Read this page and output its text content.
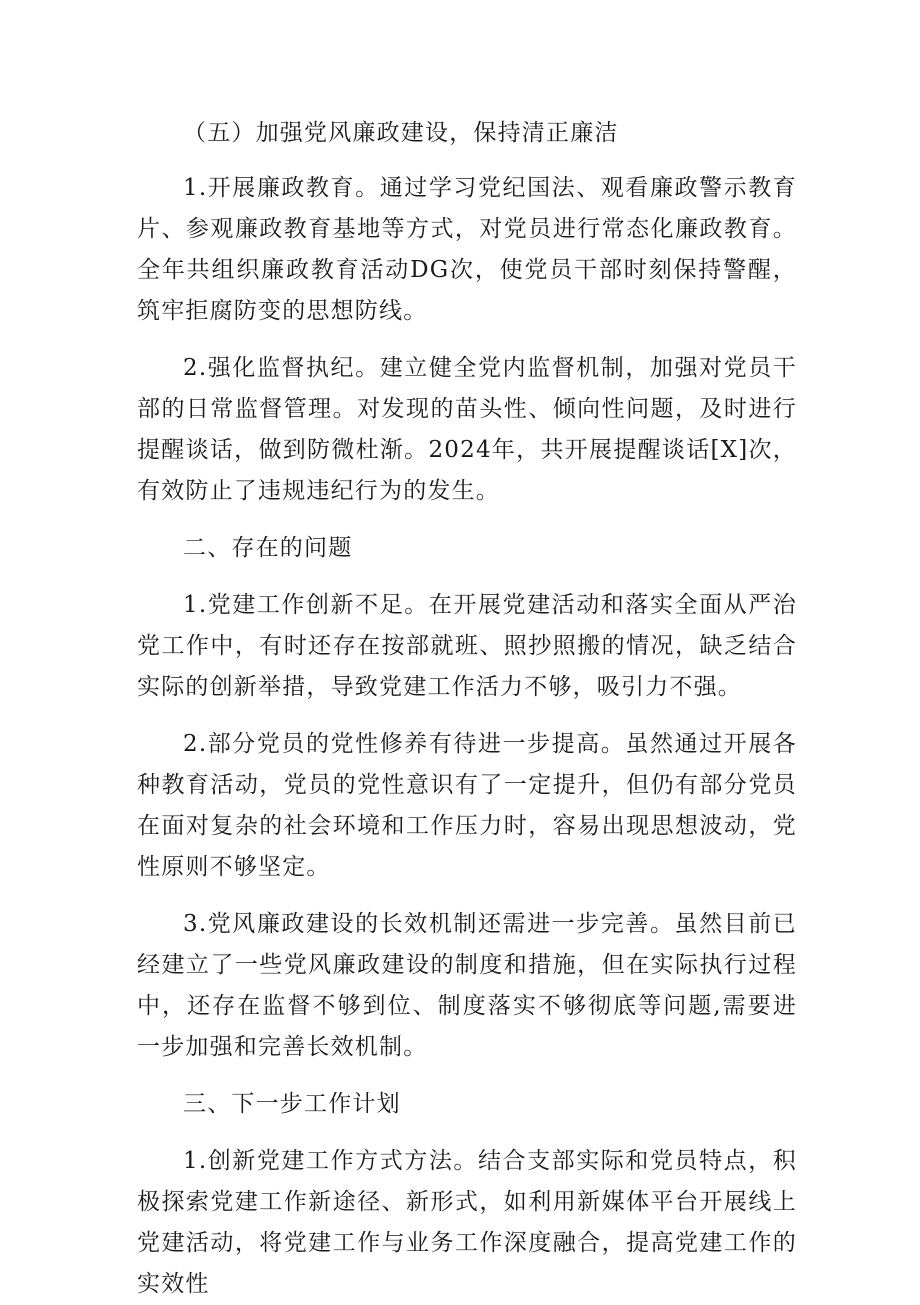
（五）加强党风廉政建设，保持清正廉洁

1.开展廉政教育。通过学习党纪国法、观看廉政警示教育片、参观廉政教育基地等方式，对党员进行常态化廉政教育。全年共组织廉政教育活动DG次，使党员干部时刻保持警醒，筑牢拒腐防变的思想防线。

2.强化监督执纪。建立健全党内监督机制，加强对党员干部的日常监督管理。对发现的苗头性、倾向性问题，及时进行提醒谈话，做到防微杜渐。2024年，共开展提醒谈话[X]次，有效防止了违规违纪行为的发生。

二、存在的问题

1.党建工作创新不足。在开展党建活动和落实全面从严治党工作中，有时还存在按部就班、照抄照搬的情况，缺乏结合实际的创新举措，导致党建工作活力不够，吸引力不强。

2.部分党员的党性修养有待进一步提高。虽然通过开展各种教育活动，党员的党性意识有了一定提升，但仍有部分党员在面对复杂的社会环境和工作压力时，容易出现思想波动，党性原则不够坚定。

3.党风廉政建设的长效机制还需进一步完善。虽然目前已经建立了一些党风廉政建设的制度和措施，但在实际执行过程中，还存在监督不够到位、制度落实不够彻底等问题,需要进一步加强和完善长效机制。

三、下一步工作计划

1.创新党建工作方式方法。结合支部实际和党员特点，积极探索党建工作新途径、新形式，如利用新媒体平台开展线上党建活动，将党建工作与业务工作深度融合，提高党建工作的实效性
